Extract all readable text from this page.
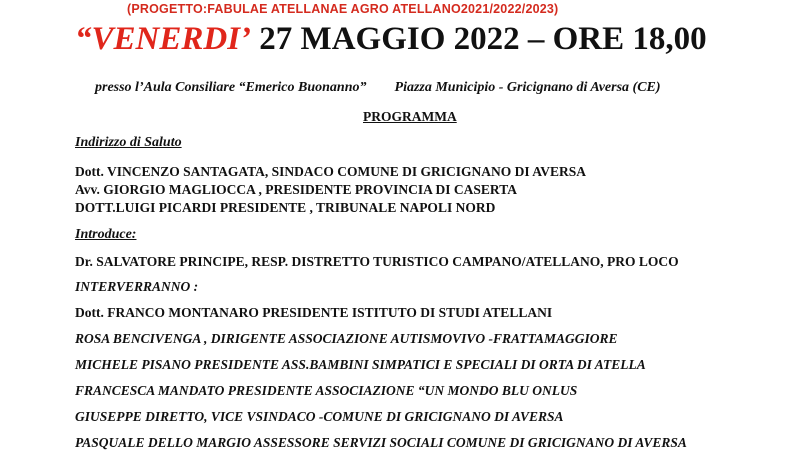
(PROGETTO:FABULAE ATELLANAE AGRO ATELLANO2021/2022/2023)
“VENERDI’ 27 MAGGIO 2022 – ORE 18,00
presso l’Aula Consiliare “Emerico Buonanno” Piazza Municipio - Gricignano di Aversa (CE)
PROGRAMMA
Indirizzo di Saluto
Dott. VINCENZO SANTAGATA, SINDACO COMUNE DI GRICIGNANO DI AVERSA
Avv. GIORGIO MAGLIOCCA , PRESIDENTE PROVINCIA DI CASERTA
DOTT.LUIGI PICARDI PRESIDENTE , TRIBUNALE NAPOLI NORD
Introduce:
Dr. SALVATORE PRINCIPE, RESP. DISTRETTO TURISTICO CAMPANO/ATELLANO, PRO LOCO
INTERVERRANNO :
Dott. FRANCO MONTANARO PRESIDENTE ISTITUTO DI STUDI ATELLANI
ROSA BENCIVENGA , DIRIGENTE ASSOCIAZIONE AUTISMOVIVO -FRATTAMAGGIORE
MICHELE PISANO PRESIDENTE ASS.BAMBINI SIMPATICI E SPECIALI DI ORTA DI ATELLA
FRANCESCA MANDATO PRESIDENTE ASSOCIAZIONE “UN MONDO BLU ONLUS
GIUSEPPE DIRETTO, VICE VSINDACO -COMUNE DI GRICIGNANO DI AVERSA
PASQUALE DELLO MARGIO ASSESSORE SERVIZI SOCIALI COMUNE DI GRICIGNANO DI AVERSA
